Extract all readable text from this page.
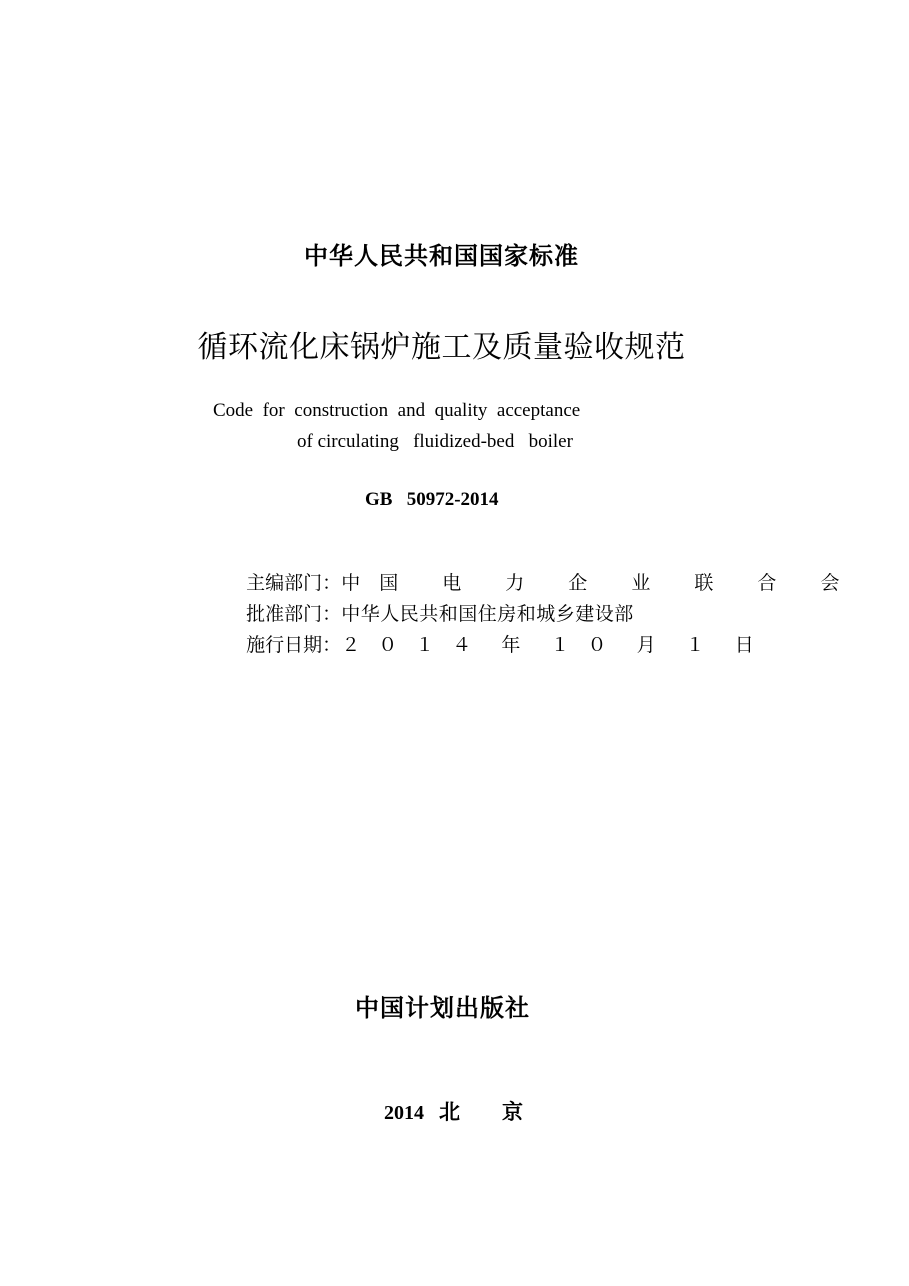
中华人民共和国国家标准
循环流化床锅炉施工及质量验收规范
Code  for  construction  and  quality  acceptance
of circulating   fluidized-bed   boiler
GB   50972-2014

主编部门：中国 电 力 企 业 联 合 会

批准部门：中华人民共和国住房和城乡建设部

施行日期：２ ０ １ ４  年  １ ０  月  １  日

中国计划出版社

2014 北　　京
